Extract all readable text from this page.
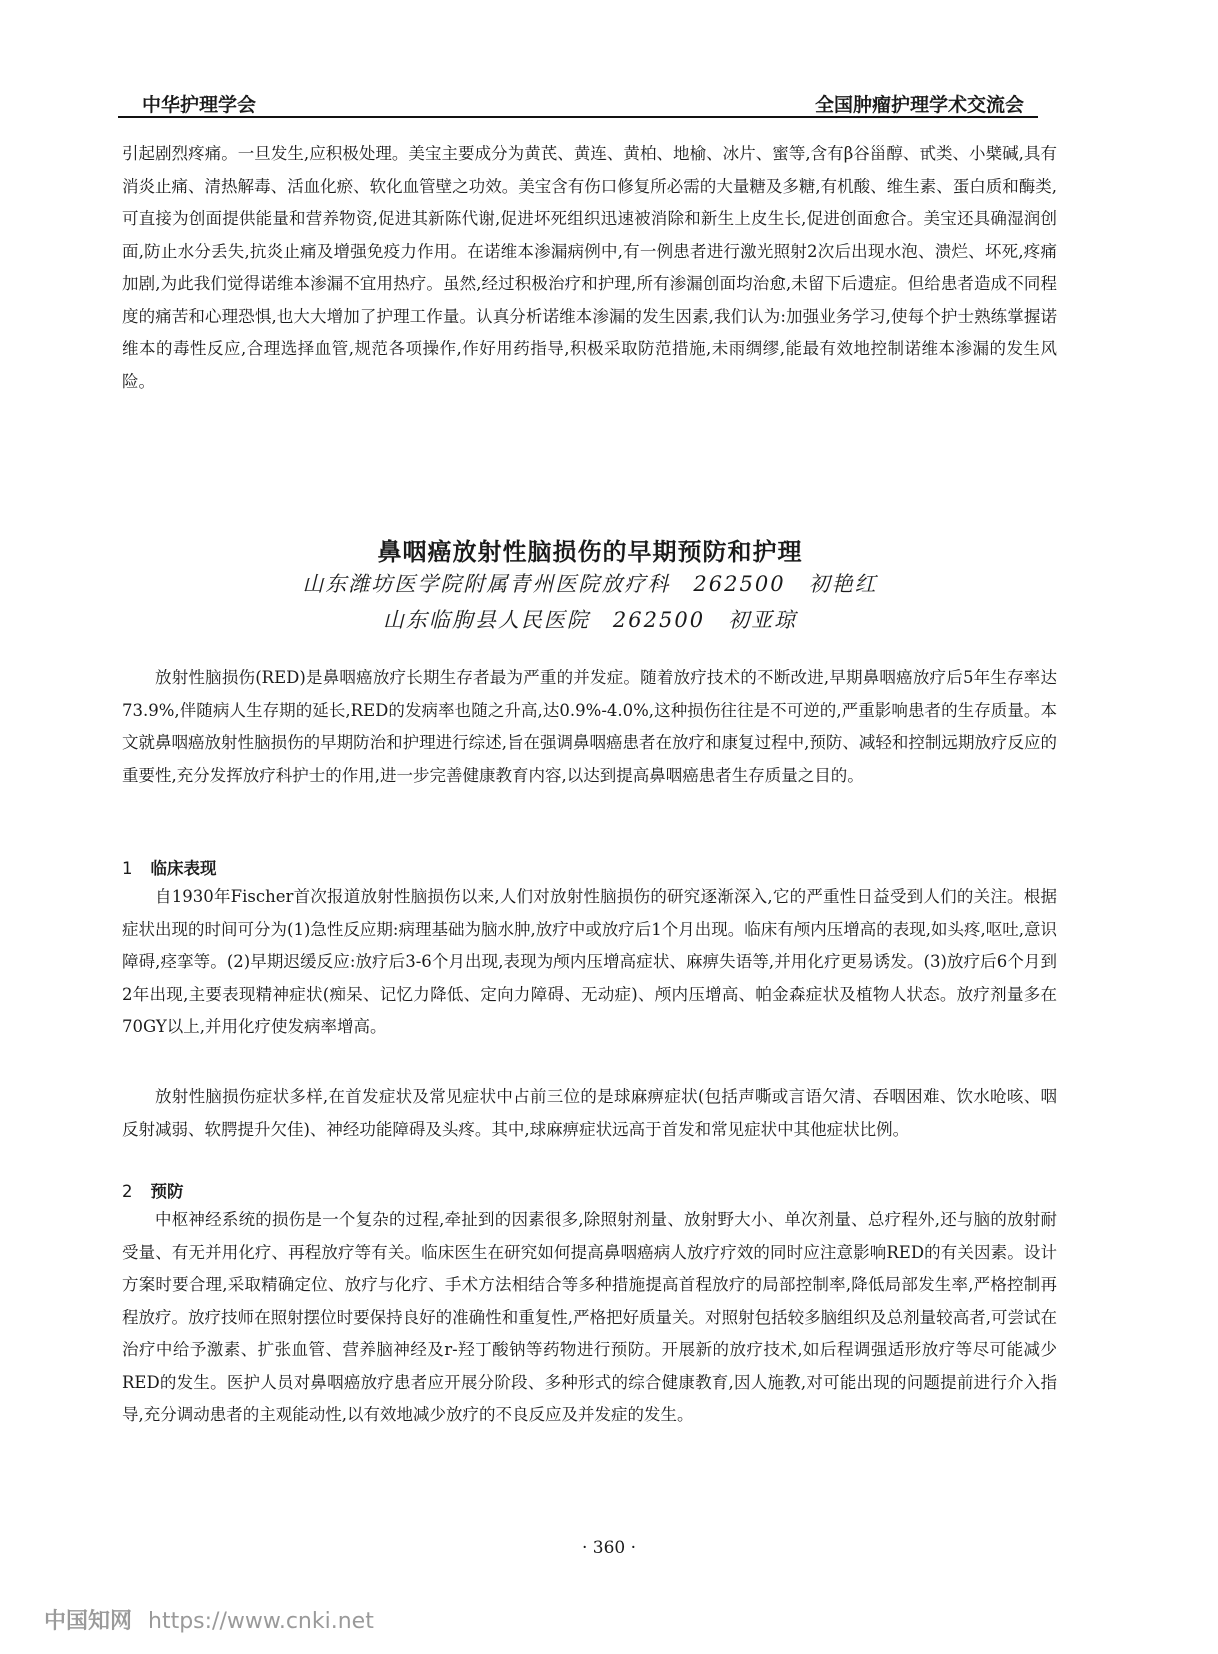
中华护理学会	全国肿瘤护理学术交流会

引起剧烈疼痛。一旦发生,应积极处理。美宝主要成分为黄芪、黄连、黄柏、地榆、冰片、蜜等,含有β谷甾醇、甙类、小檗碱,具有消炎止痛、清热解毒、活血化瘀、软化血管壁之功效。美宝含有伤口修复所必需的大量糖及多糖,有机酸、维生素、蛋白质和酶类,可直接为创面提供能量和营养物资,促进其新陈代谢,促进坏死组织迅速被消除和新生上皮生长,促进创面愈合。美宝还具确湿润创面,防止水分丢失,抗炎止痛及增强免疫力作用。在诺维本渗漏病例中,有一例患者进行激光照射2次后出现水泡、溃烂、坏死,疼痛加剧,为此我们觉得诺维本渗漏不宜用热疗。虽然,经过积极治疗和护理,所有渗漏创面均治愈,未留下后遗症。但给患者造成不同程度的痛苦和心理恐惧,也大大增加了护理工作量。认真分析诺维本渗漏的发生因素,我们认为:加强业务学习,使每个护士熟练掌握诺维本的毒性反应,合理选择血管,规范各项操作,作好用药指导,积极采取防范措施,未雨绸缪,能最有效地控制诺维本渗漏的发生风险。

鼻咽癌放射性脑损伤的早期预防和护理

山东潍坊医学院附属青州医院放疗科　262500　初艳红

山东临朐县人民医院　262500　初亚琼

放射性脑损伤(RED)是鼻咽癌放疗长期生存者最为严重的并发症。随着放疗技术的不断改进,早期鼻咽癌放疗后5年生存率达73.9%,伴随病人生存期的延长,RED的发病率也随之升高,达0.9%-4.0%,这种损伤往往是不可逆的,严重影响患者的生存质量。本文就鼻咽癌放射性脑损伤的早期防治和护理进行综述,旨在强调鼻咽癌患者在放疗和康复过程中,预防、减轻和控制远期放疗反应的重要性,充分发挥放疗科护士的作用,进一步完善健康教育内容,以达到提高鼻咽癌患者生存质量之目的。

1 临床表现

自1930年Fischer首次报道放射性脑损伤以来,人们对放射性脑损伤的研究逐渐深入,它的严重性日益受到人们的关注。根据症状出现的时间可分为(1)急性反应期:病理基础为脑水肿,放疗中或放疗后1个月出现。临床有颅内压增高的表现,如头疼,呕吐,意识障碍,痉挛等。(2)早期迟缓反应:放疗后3-6个月出现,表现为颅内压增高症状、麻痹失语等,并用化疗更易诱发。(3)放疗后6个月到2年出现,主要表现精神症状(痴呆、记忆力降低、定向力障碍、无动症)、颅内压增高、帕金森症状及植物人状态。放疗剂量多在70GY以上,并用化疗使发病率增高。

放射性脑损伤症状多样,在首发症状及常见症状中占前三位的是球麻痹症状(包括声嘶或言语欠清、吞咽困难、饮水呛咳、咽反射减弱、软腭提升欠佳)、神经功能障碍及头疼。其中,球麻痹症状远高于首发和常见症状中其他症状比例。

2 预防

中枢神经系统的损伤是一个复杂的过程,牵扯到的因素很多,除照射剂量、放射野大小、单次剂量、总疗程外,还与脑的放射耐受量、有无并用化疗、再程放疗等有关。临床医生在研究如何提高鼻咽癌病人放疗疗效的同时应注意影响RED的有关因素。设计方案时要合理,采取精确定位、放疗与化疗、手术方法相结合等多种措施提高首程放疗的局部控制率,降低局部发生率,严格控制再程放疗。放疗技师在照射摆位时要保持良好的准确性和重复性,严格把好质量关。对照射包括较多脑组织及总剂量较高者,可尝试在治疗中给予激素、扩张血管、营养脑神经及r-羟丁酸钠等药物进行预防。开展新的放疗技术,如后程调强适形放疗等尽可能减少RED的发生。医护人员对鼻咽癌放疗患者应开展分阶段、多种形式的综合健康教育,因人施教,对可能出现的问题提前进行介入指导,充分调动患者的主观能动性,以有效地减少放疗的不良反应及并发症的发生。

· 360 ·
中国知网 https://www.cnki.net
